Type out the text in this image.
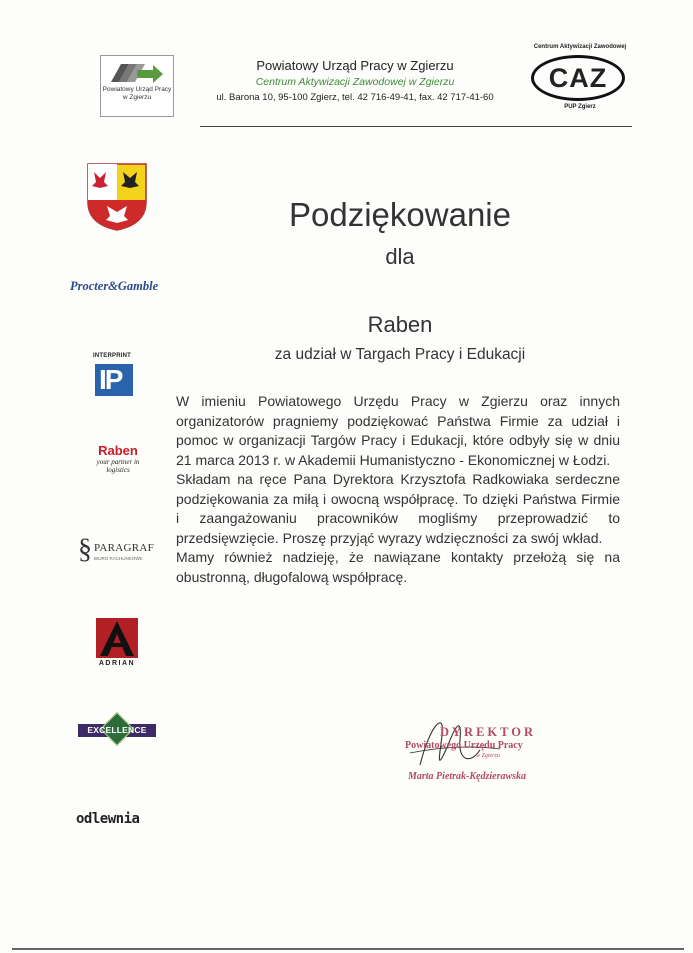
Powiatowy Urząd Pracy w Zgierzu
Powiatowy Urząd Pracy w Zgierzu
Centrum Aktywizacji Zawodowej w Zgierzu
ul. Barona 10, 95-100 Zgierz, tel. 42 716-49-41, fax. 42 717-41-60
Centrum Aktywizacji Zawodowej
CAZ
PUP Zgierz
Procter&Gamble
INTERPRINT
IP
Raben
your partner in logistics
§ PARAGRAF
BIURO RACHUNKOWE
ADRIAN
EXCELLENCE
odlewnia
Podziękowanie
dla
Raben
za udział w Targach Pracy i Edukacji

W imieniu Powiatowego Urzędu Pracy w Zgierzu oraz innych organizatorów pragniemy podziękować Państwa Firmie za udział i pomoc w organizacji Targów Pracy i Edukacji, które odbyły się w dniu 21 marca 2013 r. w Akademii Humanistyczno - Ekonomicznej w Łodzi.

Składam na ręce Pana Dyrektora Krzysztofa Radkowiaka serdeczne podziękowania za miłą i owocną współpracę. To dzięki Państwa Firmie i zaangażowaniu pracowników mogliśmy przeprowadzić to przedsięwzięcie. Proszę przyjąć wyrazy wdzięczności za swój wkład.

Mamy również nadzieję, że nawiązane kontakty przełożą się na obustronną, długofalową współpracę.

DYREKTOR
Powiatowego Urzędu Pracy
w Zgierzu
Marta Pietrak-Kędzierawska
